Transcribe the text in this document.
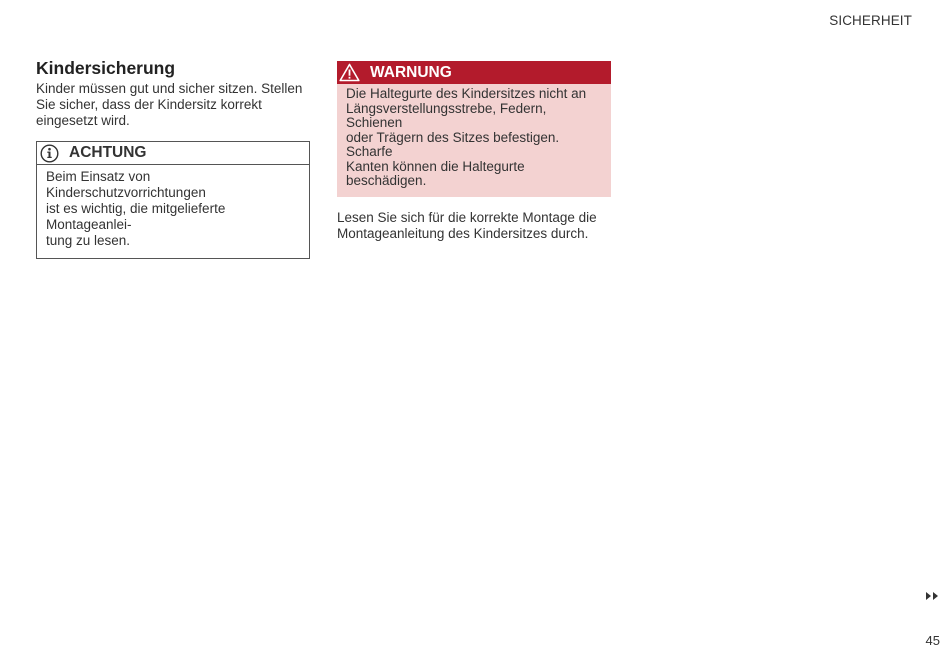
SICHERHEIT
Kindersicherung

Kinder müssen gut und sicher sitzen. Stellen Sie sicher, dass der Kindersitz korrekt eingesetzt wird.

ACHTUNG
Beim Einsatz von Kinderschutzvorrichtungen
ist es wichtig, die mitgelieferte Montageanlei-
tung zu lesen.
WARNUNG
Die Haltegurte des Kindersitzes nicht an
Längsverstellungsstrebe, Federn, Schienen
oder Trägern des Sitzes befestigen. Scharfe
Kanten können die Haltegurte beschädigen.

Lesen Sie sich für die korrekte Montage die
Montageanleitung des Kindersitzes durch.

45
